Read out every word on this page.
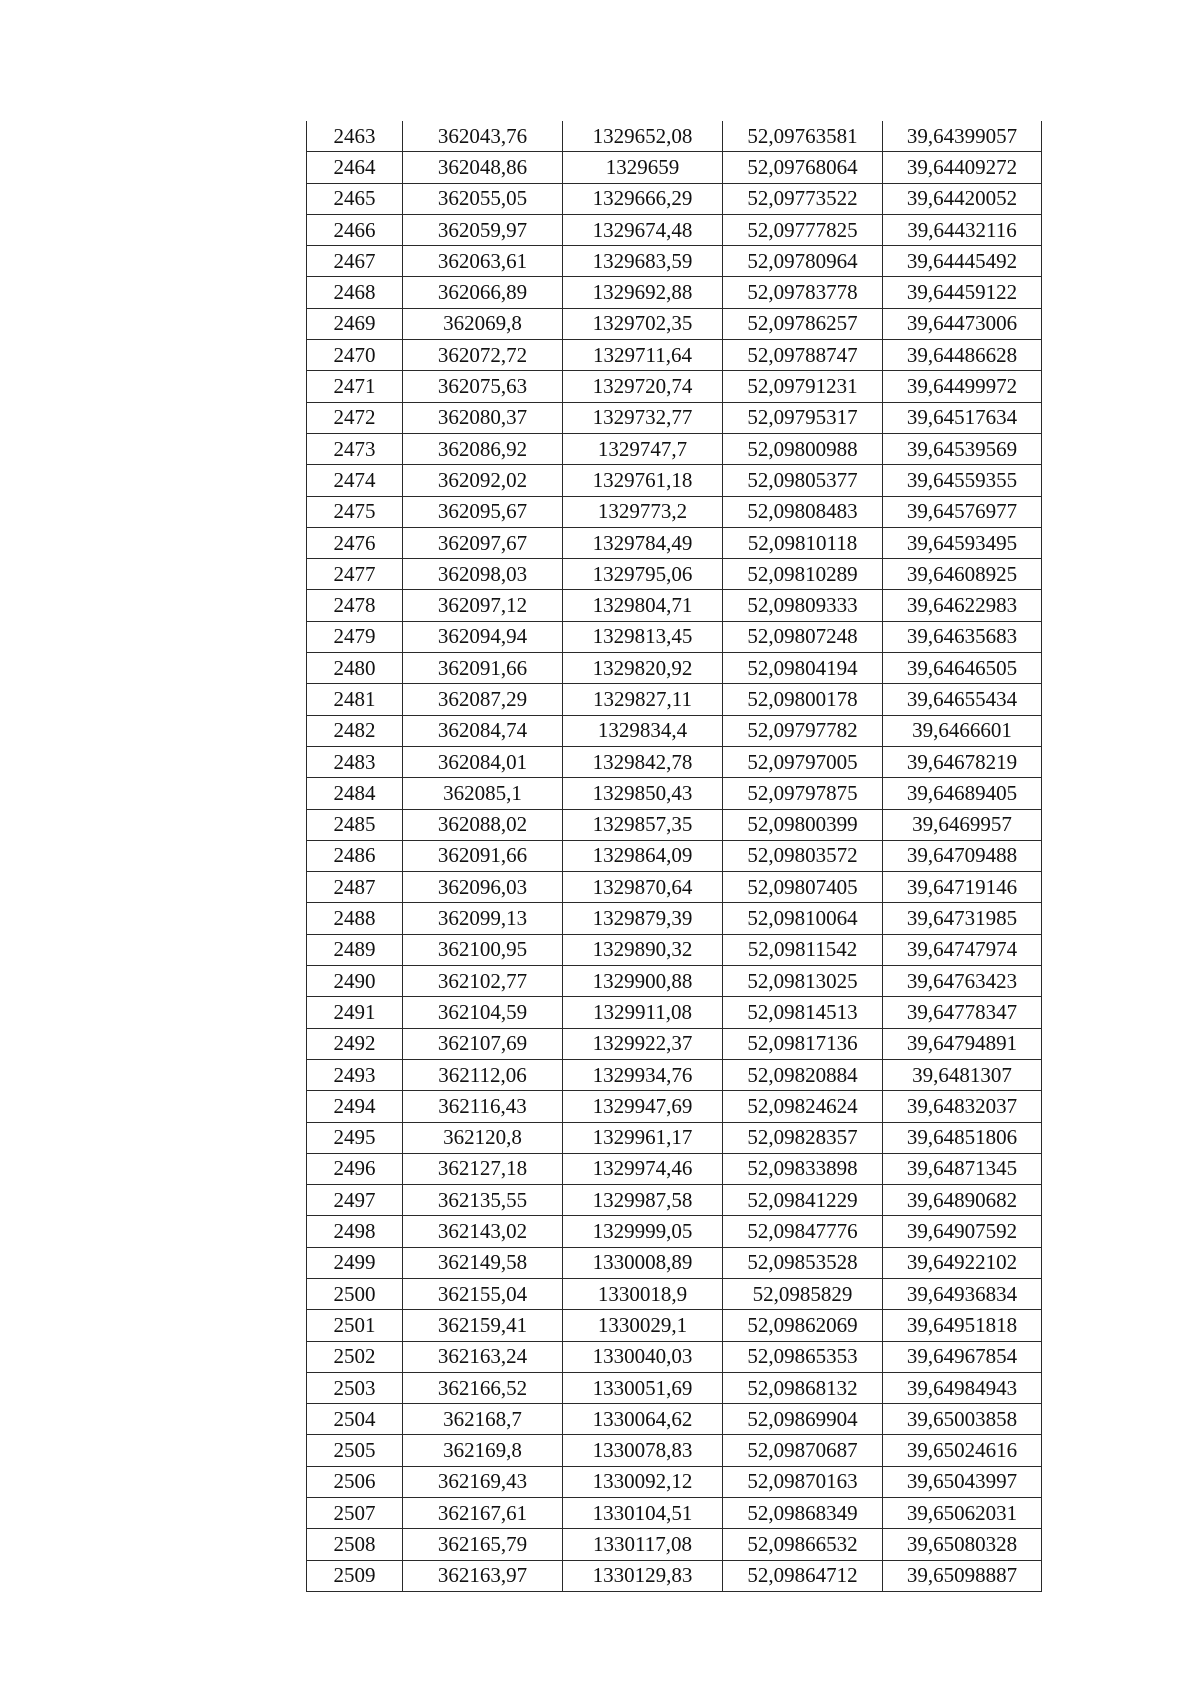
2463	362043,76	1329652,08	52,09763581	39,64399057
2464	362048,86	1329659	52,09768064	39,64409272
2465	362055,05	1329666,29	52,09773522	39,64420052
2466	362059,97	1329674,48	52,09777825	39,64432116
2467	362063,61	1329683,59	52,09780964	39,64445492
2468	362066,89	1329692,88	52,09783778	39,64459122
2469	362069,8	1329702,35	52,09786257	39,64473006
2470	362072,72	1329711,64	52,09788747	39,64486628
2471	362075,63	1329720,74	52,09791231	39,64499972
2472	362080,37	1329732,77	52,09795317	39,64517634
2473	362086,92	1329747,7	52,09800988	39,64539569
2474	362092,02	1329761,18	52,09805377	39,64559355
2475	362095,67	1329773,2	52,09808483	39,64576977
2476	362097,67	1329784,49	52,09810118	39,64593495
2477	362098,03	1329795,06	52,09810289	39,64608925
2478	362097,12	1329804,71	52,09809333	39,64622983
2479	362094,94	1329813,45	52,09807248	39,64635683
2480	362091,66	1329820,92	52,09804194	39,64646505
2481	362087,29	1329827,11	52,09800178	39,64655434
2482	362084,74	1329834,4	52,09797782	39,6466601
2483	362084,01	1329842,78	52,09797005	39,64678219
2484	362085,1	1329850,43	52,09797875	39,64689405
2485	362088,02	1329857,35	52,09800399	39,6469957
2486	362091,66	1329864,09	52,09803572	39,64709488
2487	362096,03	1329870,64	52,09807405	39,64719146
2488	362099,13	1329879,39	52,09810064	39,64731985
2489	362100,95	1329890,32	52,09811542	39,64747974
2490	362102,77	1329900,88	52,09813025	39,64763423
2491	362104,59	1329911,08	52,09814513	39,64778347
2492	362107,69	1329922,37	52,09817136	39,64794891
2493	362112,06	1329934,76	52,09820884	39,6481307
2494	362116,43	1329947,69	52,09824624	39,64832037
2495	362120,8	1329961,17	52,09828357	39,64851806
2496	362127,18	1329974,46	52,09833898	39,64871345
2497	362135,55	1329987,58	52,09841229	39,64890682
2498	362143,02	1329999,05	52,09847776	39,64907592
2499	362149,58	1330008,89	52,09853528	39,64922102
2500	362155,04	1330018,9	52,0985829	39,64936834
2501	362159,41	1330029,1	52,09862069	39,64951818
2502	362163,24	1330040,03	52,09865353	39,64967854
2503	362166,52	1330051,69	52,09868132	39,64984943
2504	362168,7	1330064,62	52,09869904	39,65003858
2505	362169,8	1330078,83	52,09870687	39,65024616
2506	362169,43	1330092,12	52,09870163	39,65043997
2507	362167,61	1330104,51	52,09868349	39,65062031
2508	362165,79	1330117,08	52,09866532	39,65080328
2509	362163,97	1330129,83	52,09864712	39,65098887
